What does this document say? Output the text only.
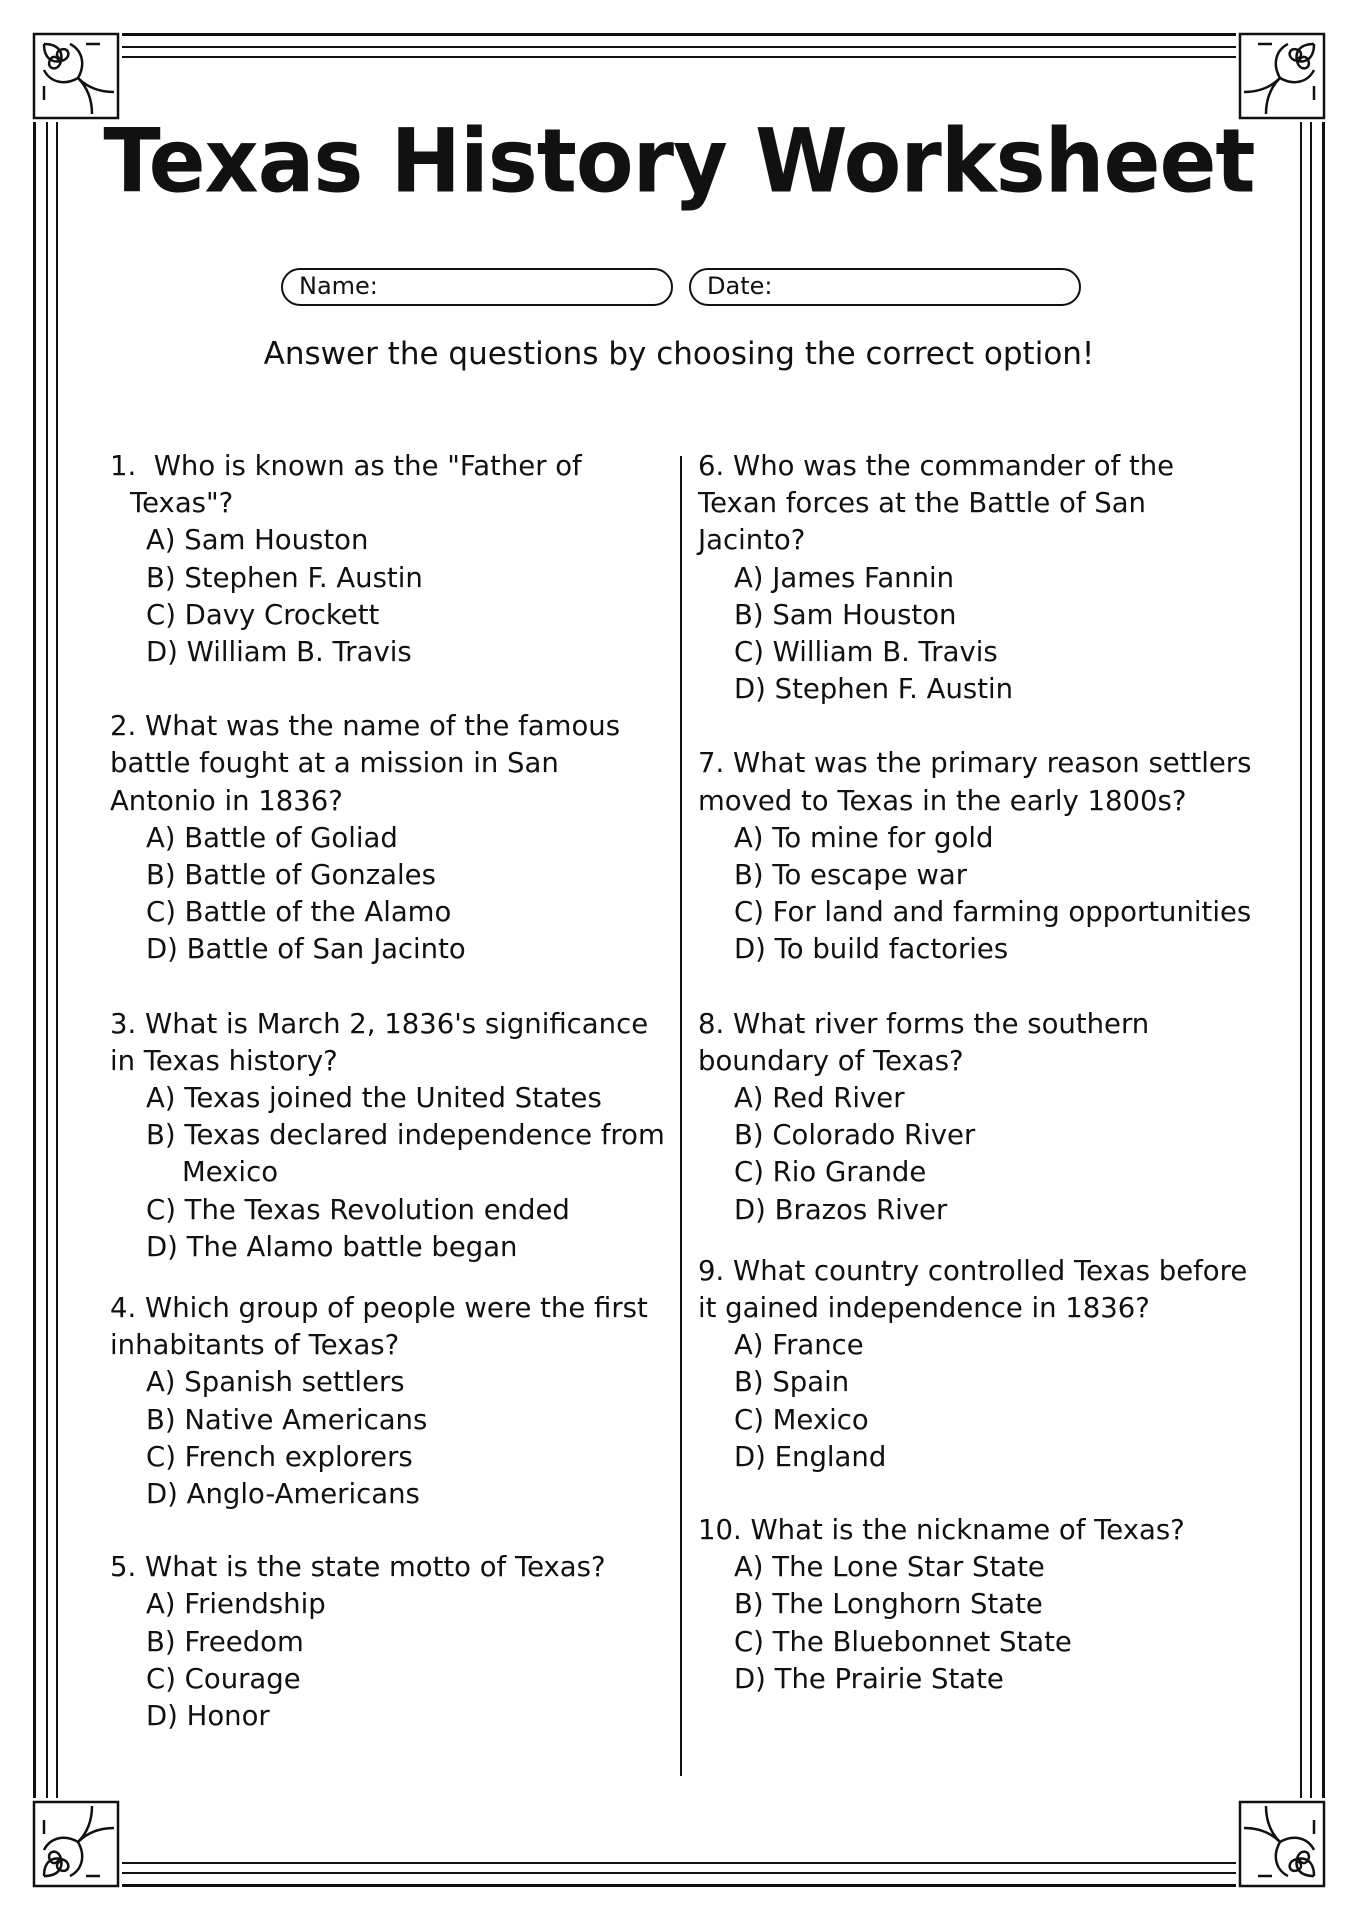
Texas History Worksheet
Name:	Date:
Answer the questions by choosing the correct option!
1. Who is known as the "Father of Texas"?
A) Sam Houston
B) Stephen F. Austin
C) Davy Crockett
D) William B. Travis
2. What was the name of the famous battle fought at a mission in San Antonio in 1836?
A) Battle of Goliad
B) Battle of Gonzales
C) Battle of the Alamo
D) Battle of San Jacinto
3. What is March 2, 1836's significance in Texas history?
A) Texas joined the United States
B) Texas declared independence from Mexico
C) The Texas Revolution ended
D) The Alamo battle began
4. Which group of people were the first inhabitants of Texas?
A) Spanish settlers
B) Native Americans
C) French explorers
D) Anglo-Americans
5. What is the state motto of Texas?
A) Friendship
B) Freedom
C) Courage
D) Honor
6. Who was the commander of the Texan forces at the Battle of San Jacinto?
A) James Fannin
B) Sam Houston
C) William B. Travis
D) Stephen F. Austin
7. What was the primary reason settlers moved to Texas in the early 1800s?
A) To mine for gold
B) To escape war
C) For land and farming opportunities
D) To build factories
8. What river forms the southern boundary of Texas?
A) Red River
B) Colorado River
C) Rio Grande
D) Brazos River
9. What country controlled Texas before it gained independence in 1836?
A) France
B) Spain
C) Mexico
D) England
10. What is the nickname of Texas?
A) The Lone Star State
B) The Longhorn State
C) The Bluebonnet State
D) The Prairie State
